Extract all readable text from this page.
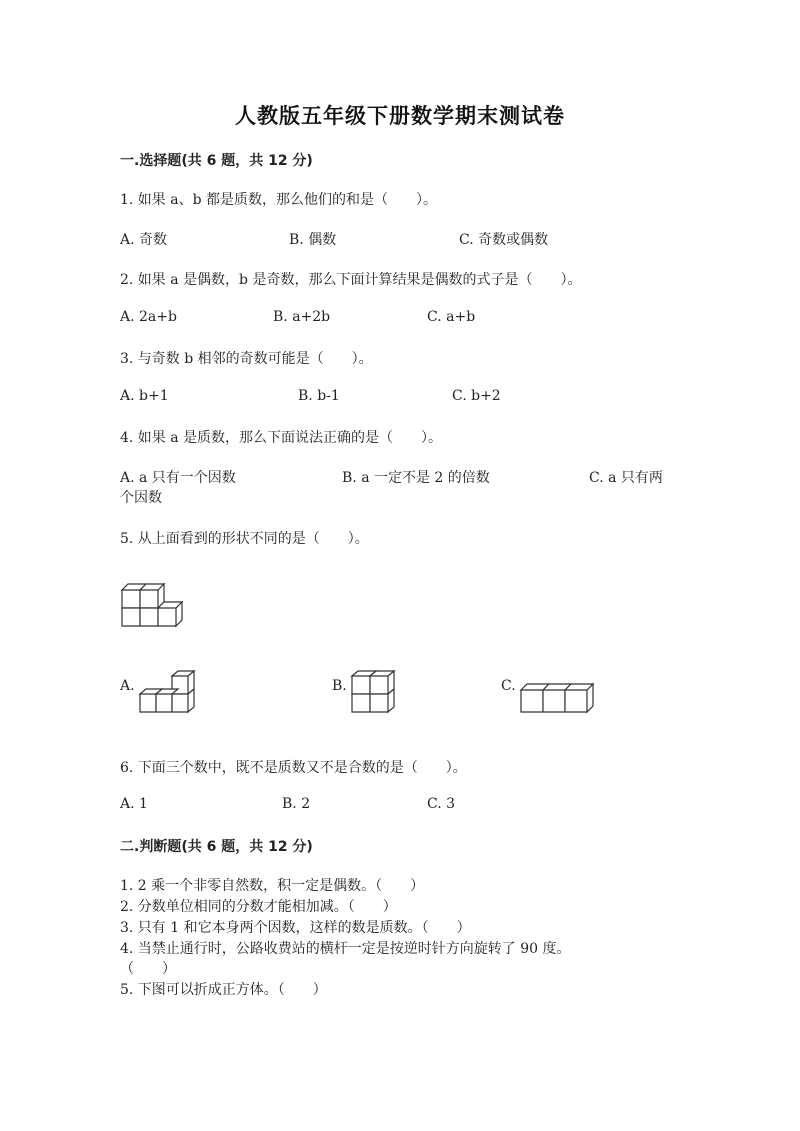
人教版五年级下册数学期末测试卷
一.选择题(共 6 题，共 12 分)
1. 如果 a、b 都是质数，那么他们的和是（　　）。
A. 奇数	B. 偶数	C. 奇数或偶数
2. 如果 a 是偶数，b 是奇数，那么下面计算结果是偶数的式子是（　　）。
A. 2a+b	B. a+2b	C. a+b
3. 与奇数 b 相邻的奇数可能是（　　）。
A. b+1	B. b-1	C. b+2
4. 如果 a 是质数，那么下面说法正确的是（　　）。
A. a 只有一个因数	B. a 一定不是 2 的倍数	C. a 只有两
个因数
5. 从上面看到的形状不同的是（　　）。
A.	B.	C.
6. 下面三个数中，既不是质数又不是合数的是（　　）。
A. 1	B. 2	C. 3
二.判断题(共 6 题，共 12 分)
1. 2 乘一个非零自然数，积一定是偶数。（　　）
2. 分数单位相同的分数才能相加减。（　　）
3. 只有 1 和它本身两个因数，这样的数是质数。（　　）
4. 当禁止通行时，公路收费站的横杆一定是按逆时针方向旋转了 90 度。
（　　）
5. 下图可以折成正方体。（　　）
